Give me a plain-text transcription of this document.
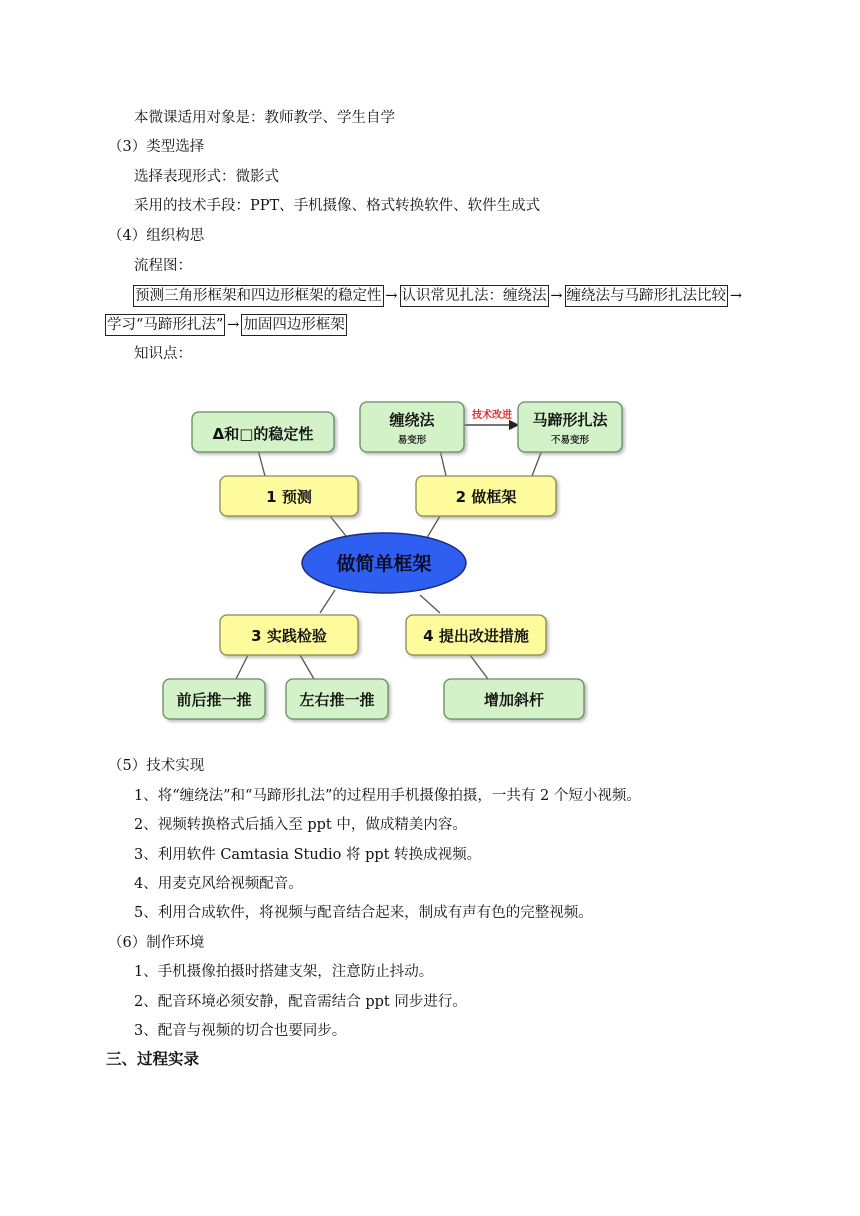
本微课适用对象是：教师教学、学生自学
（3）类型选择
选择表现形式：微影式
采用的技术手段：PPT、手机摄像、格式转换软件、软件生成式
（4）组织构思
流程图：
预测三角形框架和四边形框架的稳定性 → 认识常见扎法：缠绕法 → 缠绕法与马蹄形扎法比较 →
学习“马蹄形扎法” → 加固四边形框架
知识点：
技术改进
Δ和□的稳定性
缠绕法
易变形
马蹄形扎法
不易变形
1 预测	2 做框架
做简单框架
3 实践检验	4 提出改进措施
前后推一推	左右推一推	增加斜杆
（5）技术实现
1、将“缠绕法”和“马蹄形扎法”的过程用手机摄像拍摄，一共有 2 个短小视频。
2、视频转换格式后插入至 ppt 中，做成精美内容。
3、利用软件 Camtasia Studio 将 ppt 转换成视频。
4、用麦克风给视频配音。
5、利用合成软件，将视频与配音结合起来，制成有声有色的完整视频。
（6）制作环境
1、手机摄像拍摄时搭建支架，注意防止抖动。
2、配音环境必须安静，配音需结合 ppt 同步进行。
3、配音与视频的切合也要同步。
三、过程实录
